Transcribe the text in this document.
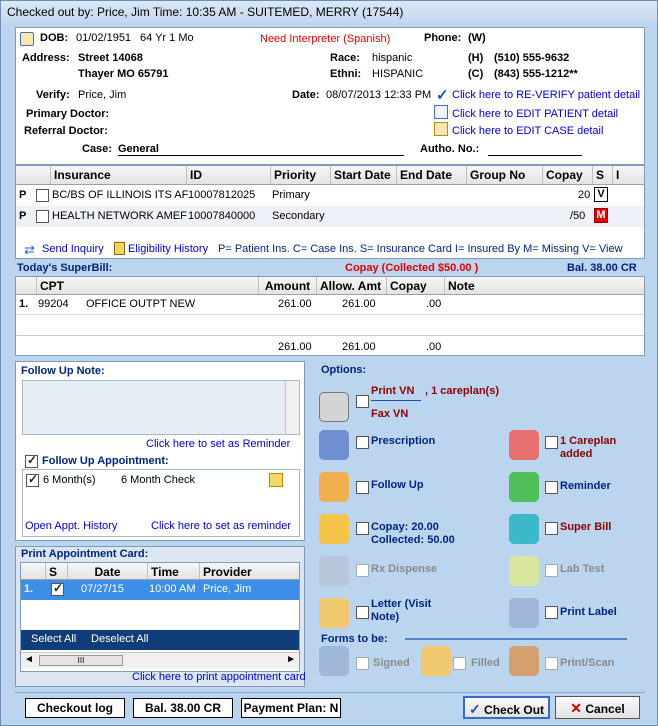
Checked out by: Price, Jim Time: 10:35 AM - SUITEMED, MERRY (17544)
DOB: 01/02/1951 64 Yr 1 Mo	Need Interpreter (Spanish)	Phone: (W)
Address: Street 14068
Thayer MO 65791
Race: hispanic
Ethni: HISPANIC
(H) (510) 555-9632
(C) (843) 555-1212**
Verify: Price, Jim	Date: 08/07/2013 12:33 PM ✓ Click here to RE-VERIFY patient detail
Primary Doctor:	Click here to EDIT PATIENT detail
Referral Doctor:	Click here to EDIT CASE detail
Case: General	Autho. No.:
Insurance	ID	Priority	Start Date End Date	Group No	Copay	S I
P BC/BS OF ILLINOIS ITS AF 10007812025 Primary	20 V
P HEALTH NETWORK AMEF 10007840000 Secondary	/50 M
⇄ Send Inquiry Eligibility History P= Patient Ins. C= Case Ins. S= Insurance Card I= Insured By M= Missing V= View
Today's SuperBill:	Copay (Collected $50.00 )	Bal. 38.00 CR
CPT	Amount Allow. Amt Copay	Note
1. 99204 OFFICE OUTPT NEW	261.00	261.00	.00
261.00	261.00	.00
Follow Up Note:
Click here to set as Reminder
✓
Follow Up Appointment:
✓
6 Month(s) 6 Month Check
Open Appt. History	Click here to set as reminder
Print Appointment Card:
S	Date	Time	Provider
1.
✓	07/27/15 10:00 AM Price, Jim
Select All Deselect All
◄	III	►
Click here to print appointment card
Options:
Print VN , 1 careplan(s)
Fax VN
Prescription	1 Careplan
added
Follow Up	Reminder
Copay: 20.00
Collected: 50.00
Super Bill
Rx Dispense	Lab Test
Letter (Visit
Note)	Print Label
Forms to be:
Signed	Filled	Print/Scan
Checkout log	Bal. 38.00 CR	Payment Plan: N	✓ Check Out	✕ Cancel
